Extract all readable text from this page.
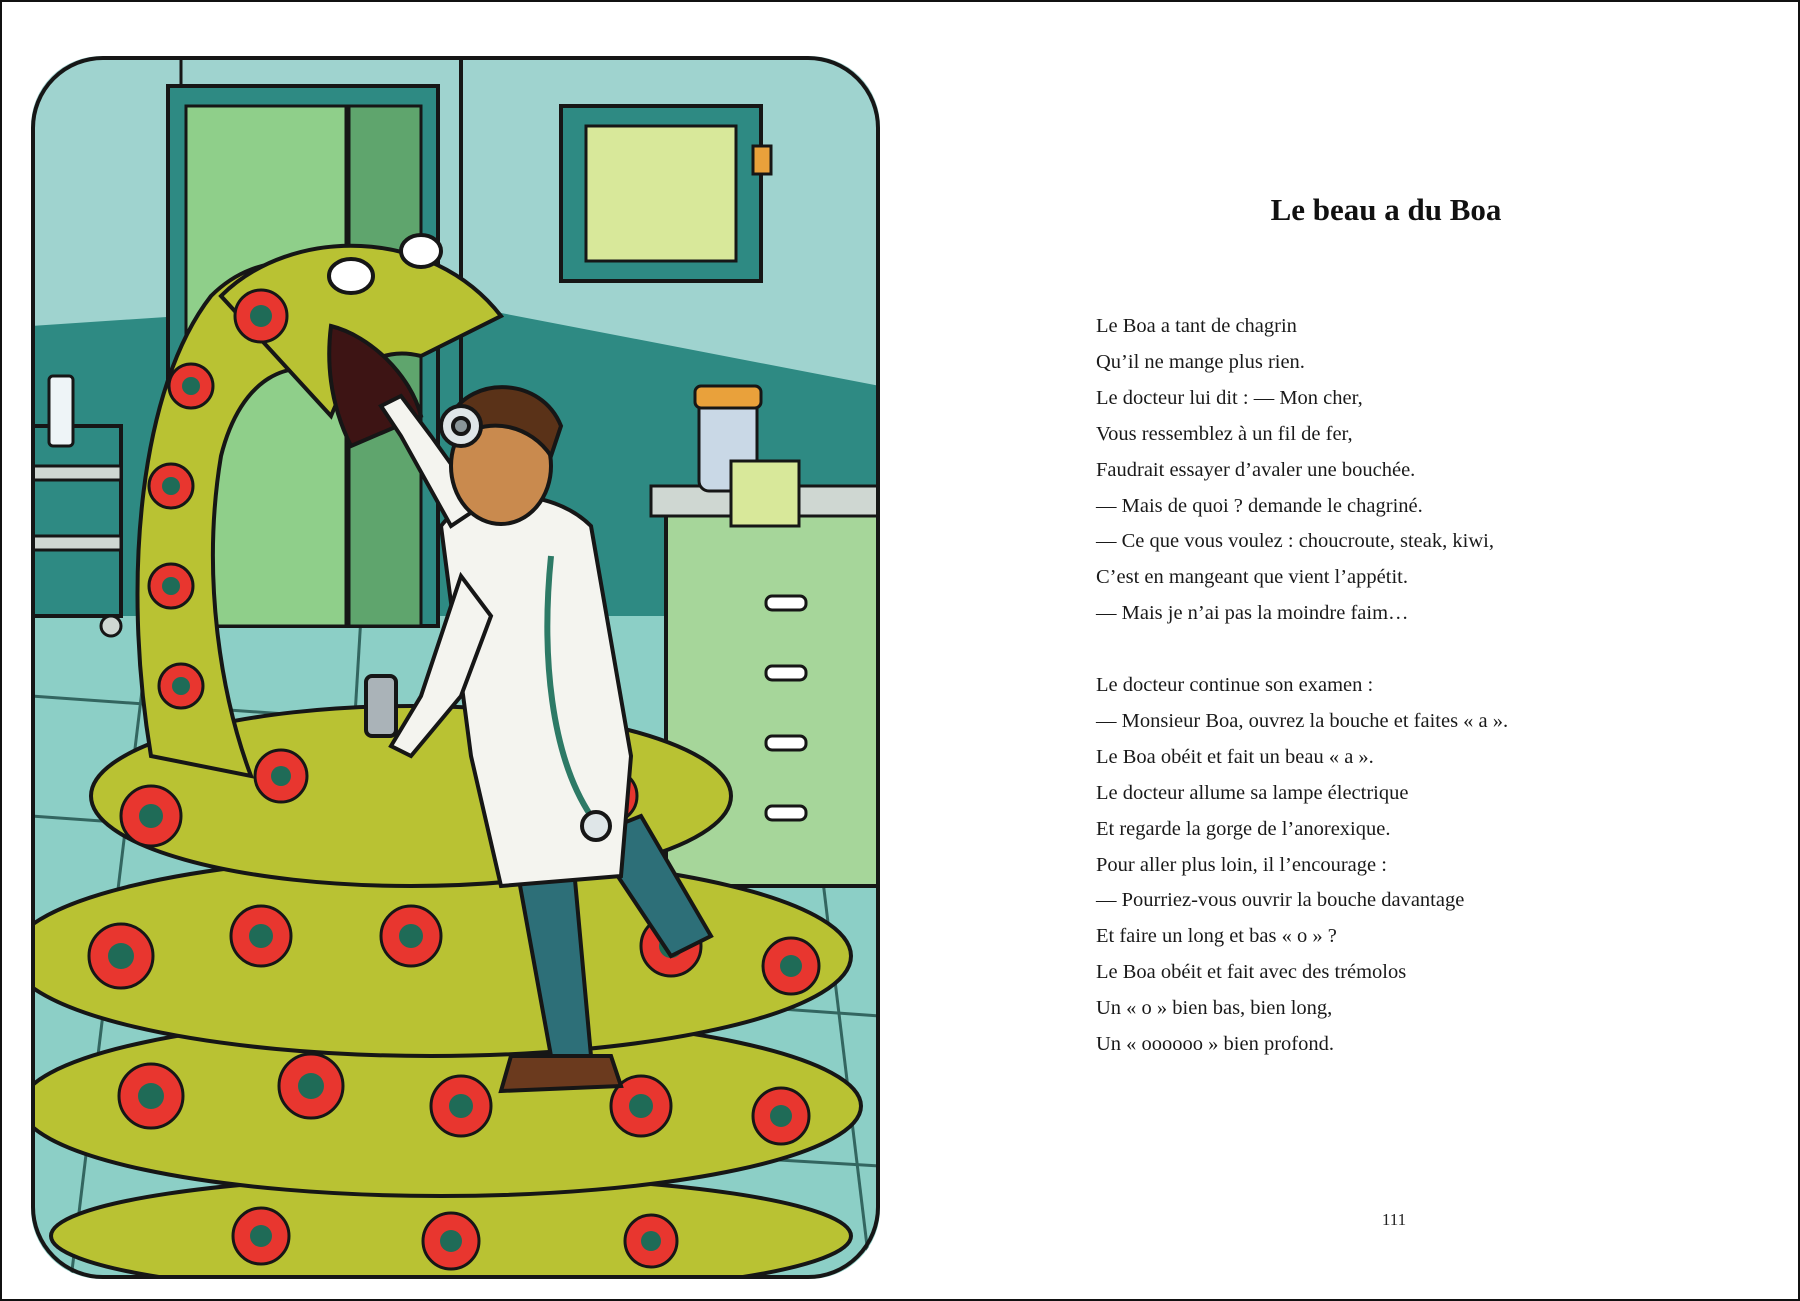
Le beau a du Boa
Le Boa a tant de chagrin
Qu’il ne mange plus rien.
Le docteur lui dit : — Mon cher,
Vous ressemblez à un fil de fer,
Faudrait essayer d’avaler une bouchée.
— Mais de quoi ? demande le chagriné.
— Ce que vous voulez : choucroute, steak, kiwi,
C’est en mangeant que vient l’appétit.
— Mais je n’ai pas la moindre faim…
Le docteur continue son examen :
— Monsieur Boa, ouvrez la bouche et faites « a ».
Le Boa obéit et fait un beau « a ».
Le docteur allume sa lampe électrique
Et regarde la gorge de l’anorexique.
Pour aller plus loin, il l’encourage :
— Pourriez-vous ouvrir la bouche davantage
Et faire un long et bas « o » ?
Le Boa obéit et fait avec des trémolos
Un « o » bien bas, bien long,
Un « oooooo » bien profond.
111
